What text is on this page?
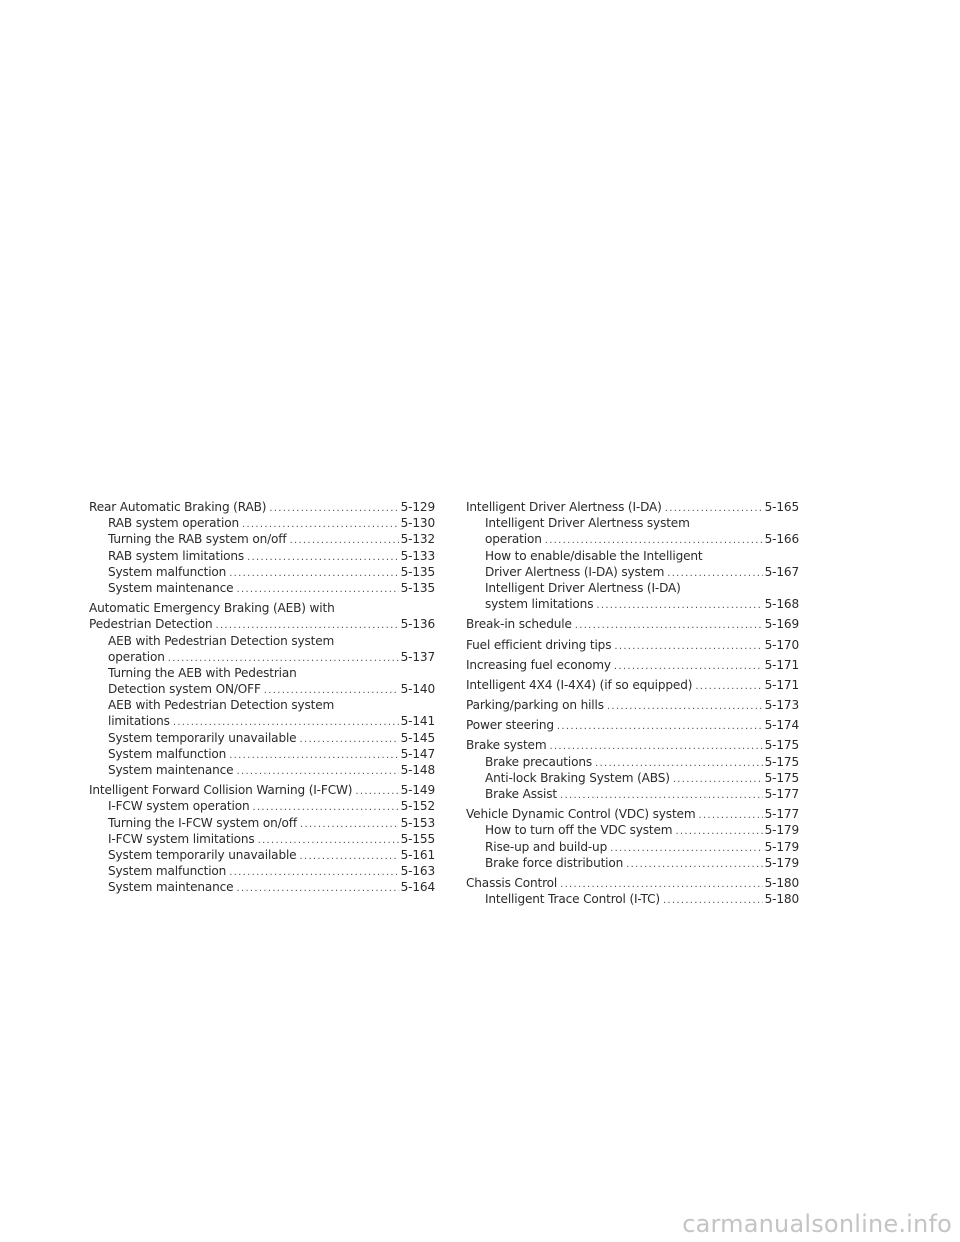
Rear Automatic Braking (RAB) .....	5-129
RAB system operation .....	5-130
Turning the RAB system on/off .....	5-132
RAB system limitations .....	5-133
System malfunction .....	5-135
System maintenance .....	5-135
Automatic Emergency Braking (AEB) with
Pedestrian Detection .....	5-136
AEB with Pedestrian Detection system
operation .....	5-137
Turning the AEB with Pedestrian
Detection system ON/OFF .....	5-140
AEB with Pedestrian Detection system
limitations .....	5-141
System temporarily unavailable .....	5-145
System malfunction .....	5-147
System maintenance .....	5-148
Intelligent Forward Collision Warning (I-FCW) .....	5-149
I-FCW system operation .....	5-152
Turning the I-FCW system on/off .....	5-153
I-FCW system limitations .....	5-155
System temporarily unavailable .....	5-161
System malfunction .....	5-163
System maintenance .....	5-164
Intelligent Driver Alertness (I-DA) .....	5-165
Intelligent Driver Alertness system
operation .....	5-166
How to enable/disable the Intelligent
Driver Alertness (I-DA) system .....	5-167
Intelligent Driver Alertness (I-DA)
system limitations .....	5-168
Break-in schedule .....	5-169
Fuel efficient driving tips .....	5-170
Increasing fuel economy .....	5-171
Intelligent 4X4 (I-4X4) (if so equipped) .....	5-171
Parking/parking on hills .....	5-173
Power steering .....	5-174
Brake system .....	5-175
Brake precautions .....	5-175
Anti-lock Braking System (ABS) .....	5-175
Brake Assist .....	5-177
Vehicle Dynamic Control (VDC) system .....	5-177
How to turn off the VDC system .....	5-179
Rise-up and build-up .....	5-179
Brake force distribution .....	5-179
Chassis Control .....	5-180
Intelligent Trace Control (I-TC) .....	5-180
carmanualsonline.info
